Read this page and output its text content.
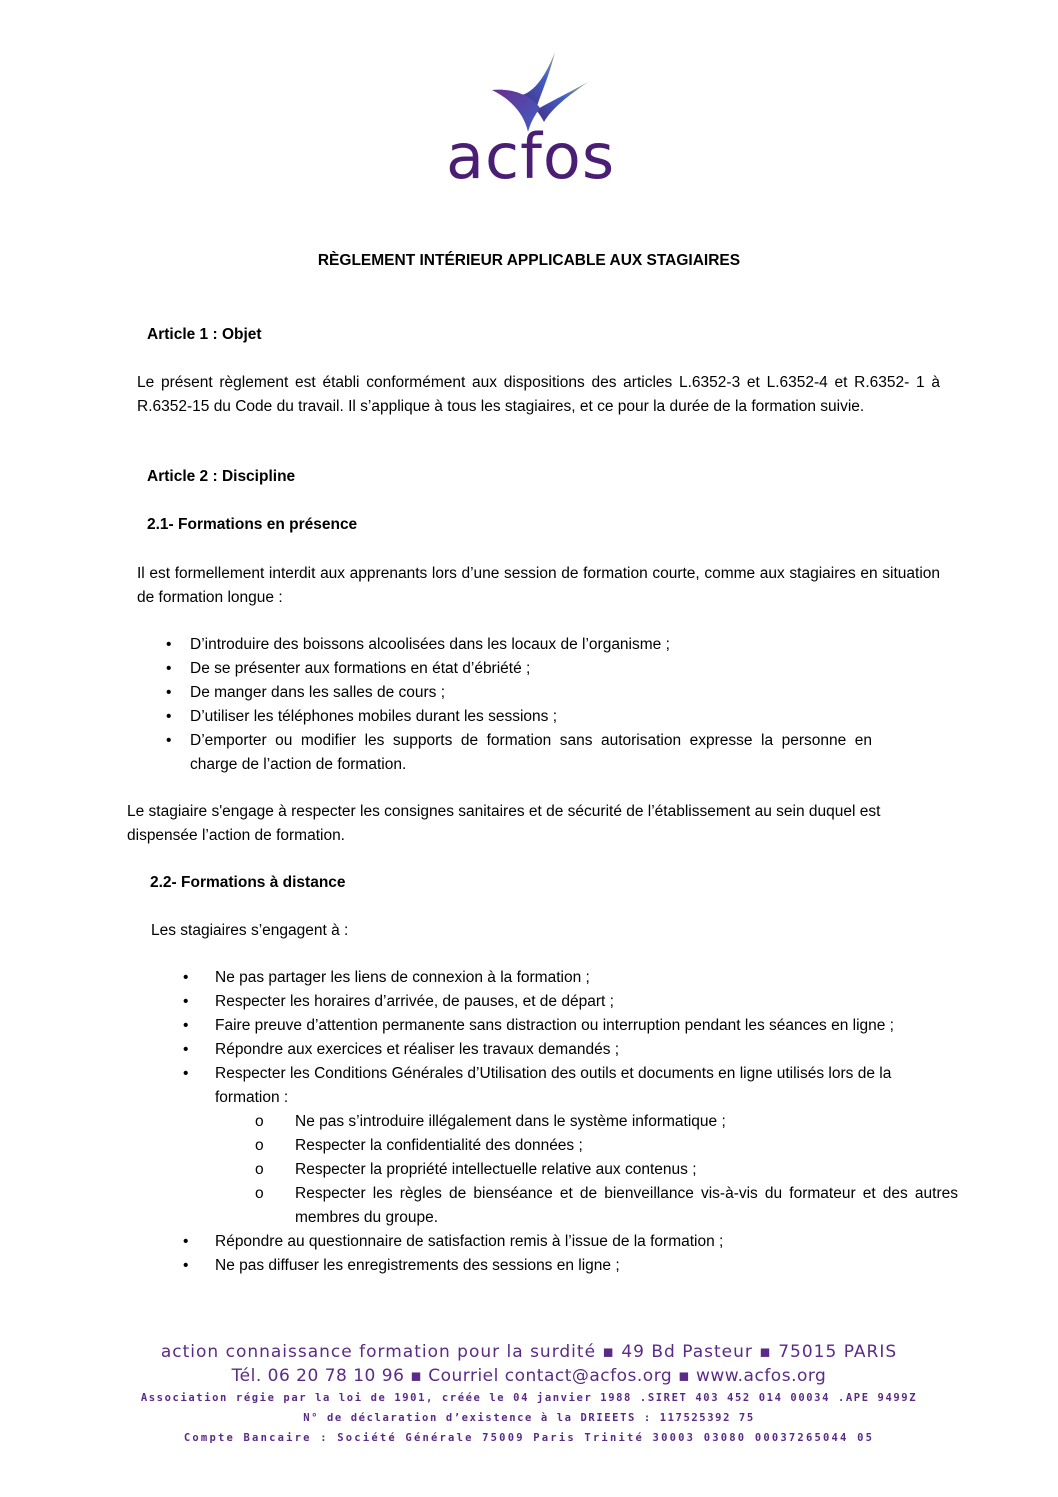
acfos
RÈGLEMENT INTÉRIEUR APPLICABLE AUX STAGIAIRES
Article 1 : Objet
Le présent règlement est établi conformément aux dispositions des articles L.6352-3 et L.6352-4 et R.6352- 1 à R.6352-15 du Code du travail. Il s’applique à tous les stagiaires, et ce pour la durée de la formation suivie.
Article 2 : Discipline
2.1- Formations en présence
Il est formellement interdit aux apprenants lors d’une session de formation courte, comme aux stagiaires en situation de formation longue :
• D’introduire des boissons alcoolisées dans les locaux de l’organisme ;
• De se présenter aux formations en état d’ébriété ;
• De manger dans les salles de cours ;
• D’utiliser les téléphones mobiles durant les sessions ;
• D’emporter ou modifier les supports de formation sans autorisation expresse la personne en charge de l’action de formation.
Le stagiaire s'engage à respecter les consignes sanitaires et de sécurité de l’établissement au sein duquel est dispensée l’action de formation.
2.2- Formations à distance
Les stagiaires s’engagent à :
• Ne pas partager les liens de connexion à la formation ;
• Respecter les horaires d’arrivée, de pauses, et de départ ;
• Faire preuve d’attention permanente sans distraction ou interruption pendant les séances en ligne ;
• Répondre aux exercices et réaliser les travaux demandés ;
• Respecter les Conditions Générales d’Utilisation des outils et documents en ligne utilisés lors de la formation :
o Ne pas s’introduire illégalement dans le système informatique ;
o Respecter la confidentialité des données ;
o Respecter la propriété intellectuelle relative aux contenus ;
o Respecter les règles de bienséance et de bienveillance vis-à-vis du formateur et des autres membres du groupe.
• Répondre au questionnaire de satisfaction remis à l’issue de la formation ;
• Ne pas diffuser les enregistrements des sessions en ligne ;
action connaissance formation pour la surdité ▪ 49 Bd Pasteur ▪ 75015 PARIS
Tél. 06 20 78 10 96 ▪ Courriel contact@acfos.org ▪ www.acfos.org
Association régie par la loi de 1901, créée le 04 janvier 1988 .SIRET 403 452 014 00034 .APE 9499Z
N° de déclaration d’existence à la DRIEETS : 117525392 75
Compte Bancaire : Société Générale 75009 Paris Trinité 30003 03080 00037265044 05
